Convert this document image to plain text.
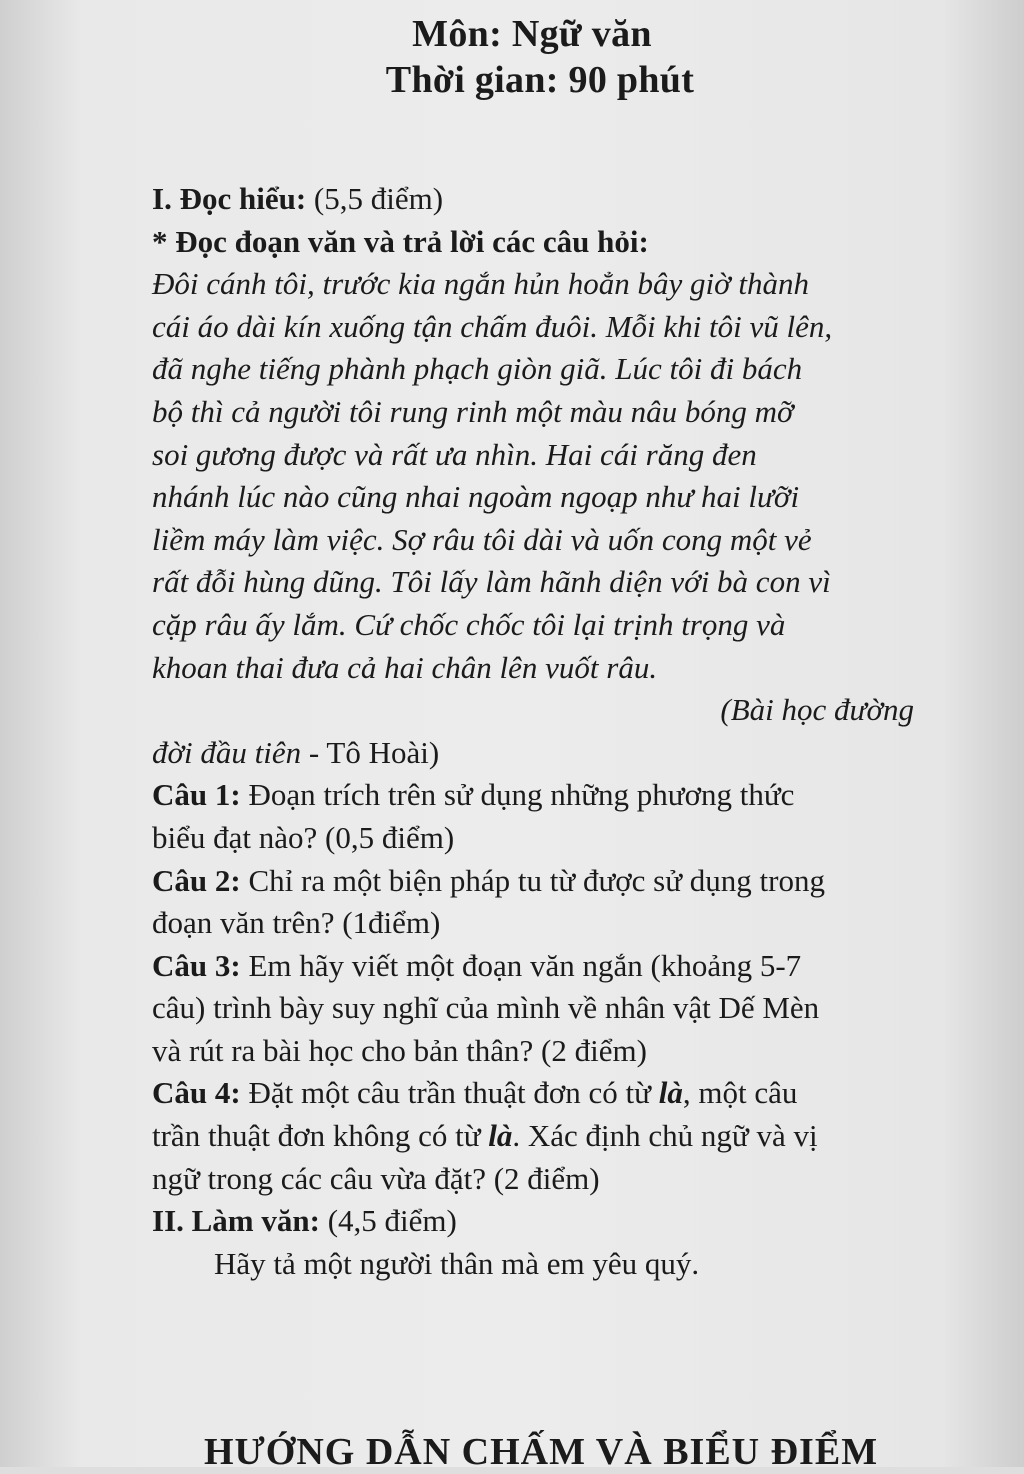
Môn: Ngữ văn
Thời gian: 90 phút
I. Đọc hiểu: (5,5 điểm)
* Đọc đoạn văn và trả lời các câu hỏi:
Đôi cánh tôi, trước kia ngắn hủn hoẳn bây giờ thành
cái áo dài kín xuống tận chấm đuôi. Mỗi khi tôi vũ lên,
đã nghe tiếng phành phạch giòn giã. Lúc tôi đi bách
bộ thì cả người tôi rung rinh một màu nâu bóng mỡ
soi gương được và rất ưa nhìn. Hai cái răng đen
nhánh lúc nào cũng nhai ngoàm ngoạp như hai lưỡi
liềm máy làm việc. Sợ râu tôi dài và uốn cong một vẻ
rất đỗi hùng dũng. Tôi lấy làm hãnh diện với bà con vì
cặp râu ấy lắm. Cứ chốc chốc tôi lại trịnh trọng và
khoan thai đưa cả hai chân lên vuốt râu.
(Bài học đường
đời đầu tiên - Tô Hoài)
Câu 1: Đoạn trích trên sử dụng những phương thức
biểu đạt nào? (0,5 điểm)
Câu 2: Chỉ ra một biện pháp tu từ được sử dụng trong
đoạn văn trên? (1điểm)
Câu 3: Em hãy viết một đoạn văn ngắn (khoảng 5-7
câu) trình bày suy nghĩ của mình về nhân vật Dế Mèn
và rút ra bài học cho bản thân? (2 điểm)
Câu 4: Đặt một câu trần thuật đơn có từ là, một câu
trần thuật đơn không có từ là. Xác định chủ ngữ và vị
ngữ trong các câu vừa đặt? (2 điểm)
II. Làm văn: (4,5 điểm)
Hãy tả một người thân mà em yêu quý.
HƯỚNG DẪN CHẤM VÀ BIỂU ĐIỂM
